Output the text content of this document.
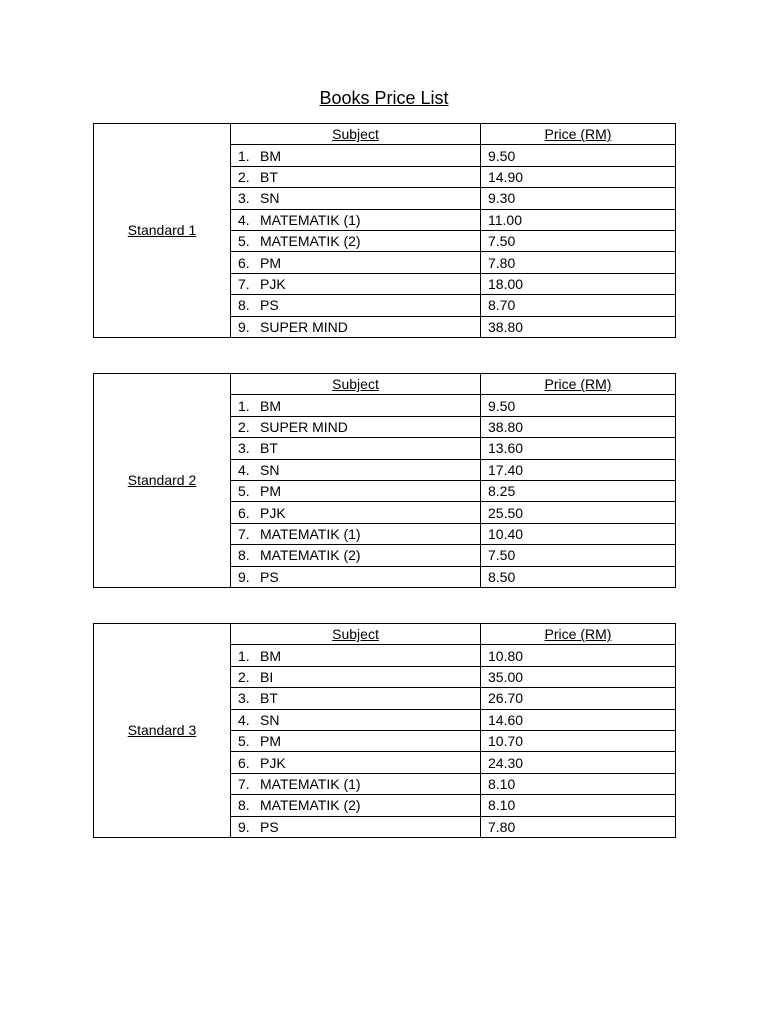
Books Price List
Standard 1	Subject	Price (RM)
	1. BM	9.50
	2. BT	14.90
	3. SN	9.30
	4. MATEMATIK (1)	11.00
	5. MATEMATIK (2)	7.50
	6. PM	7.80
	7. PJK	18.00
	8. PS	8.70
	9. SUPER MIND	38.80
Standard 2	Subject	Price (RM)
	1. BM	9.50
	2. SUPER MIND	38.80
	3. BT	13.60
	4. SN	17.40
	5. PM	8.25
	6. PJK	25.50
	7. MATEMATIK (1)	10.40
	8. MATEMATIK (2)	7.50
	9. PS	8.50
Standard 3	Subject	Price (RM)
	1. BM	10.80
	2. BI	35.00
	3. BT	26.70
	4. SN	14.60
	5. PM	10.70
	6. PJK	24.30
	7. MATEMATIK (1)	8.10
	8. MATEMATIK (2)	8.10
	9. PS	7.80
